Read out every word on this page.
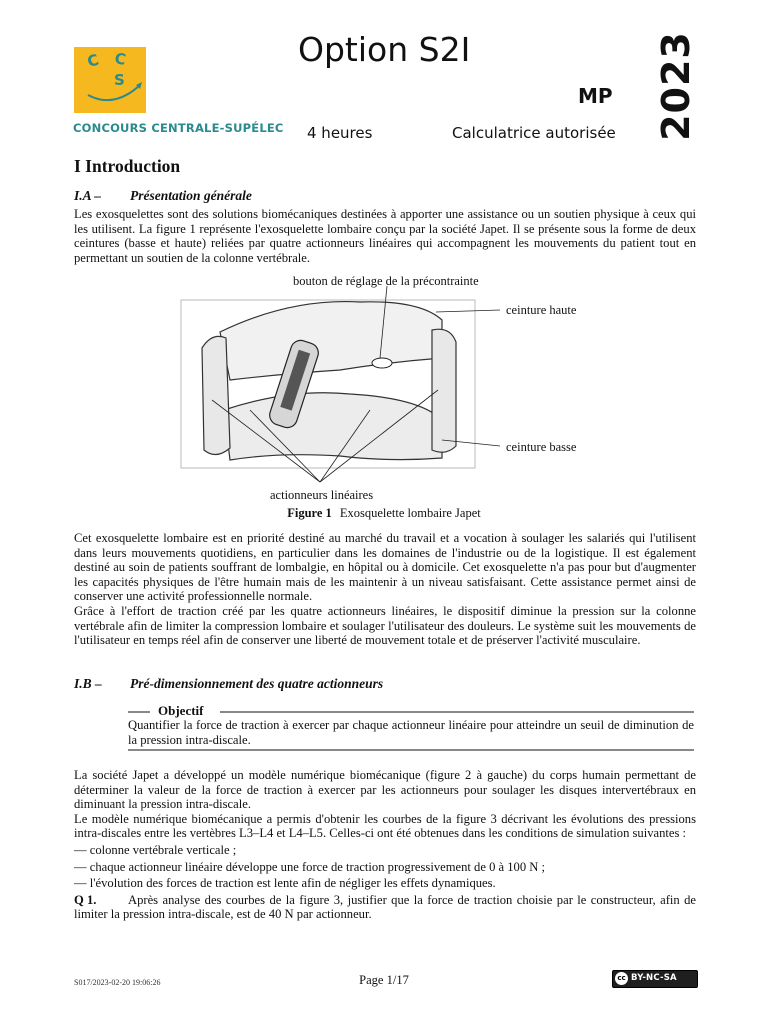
C C
S
CONCOURS CENTRALE-SUPÉLEC
Option S2I
MP 2023
4 heures	Calculatrice autorisée
I Introduction
I.A – Présentation générale

Les exosquelettes sont des solutions biomécaniques destinées à apporter une assistance ou un soutien physique à ceux qui les utilisent. La figure 1 représente l'exosquelette lombaire conçu par la société Japet. Il se présente sous la forme de deux ceintures (basse et haute) reliées par quatre actionneurs linéaires qui accompagnent les mouvements du patient tout en permettant un soutien de la colonne vertébrale.

bouton de réglage de la précontrainte
ceinture haute
ceinture basse
actionneurs linéaires
Figure 1 Exosquelette lombaire Japet

Cet exosquelette lombaire est en priorité destiné au marché du travail et a vocation à soulager les salariés qui l'utilisent dans leurs mouvements quotidiens, en particulier dans les domaines de l'industrie ou de la logistique. Il est également destiné au soin de patients souffrant de lombalgie, en hôpital ou à domicile. Cet exosquelette n'a pas pour but d'augmenter les capacités physiques de l'être humain mais de les maintenir à un niveau satisfaisant. Cette assistance permet ainsi de conserver une activité professionnelle normale.

Grâce à l'effort de traction créé par les quatre actionneurs linéaires, le dispositif diminue la pression sur la colonne vertébrale afin de limiter la compression lombaire et soulager l'utilisateur des douleurs. Le système suit les mouvements de l'utilisateur en temps réel afin de conserver une liberté de mouvement totale et de préserver l'activité musculaire.

I.B – Pré-dimensionnement des quatre actionneurs
Objectif

Quantifier la force de traction à exercer par chaque actionneur linéaire pour atteindre un seuil de diminution de la pression intra-discale.

La société Japet a développé un modèle numérique biomécanique (figure 2 à gauche) du corps humain permettant de déterminer la valeur de la force de traction à exercer par les actionneurs pour soulager les disques intervertébraux en diminuant la pression intra-discale.

Le modèle numérique biomécanique a permis d'obtenir les courbes de la figure 3 décrivant les évolutions des pressions intra-discales entre les vertèbres L3–L4 et L4–L5. Celles-ci ont été obtenues dans les conditions de simulation suivantes :

— colonne vertébrale verticale ;

— chaque actionneur linéaire développe une force de traction progressivement de 0 à 100 N ;

— l'évolution des forces de traction est lente afin de négliger les effets dynamiques.

Q 1.	Après analyse des courbes de la figure 3, justifier que la force de traction choisie par le constructeur, afin de limiter la pression intra-discale, est de 40 N par actionneur.

S017/2023-02-20 19:06:26	Page 1/17	cc BY-NC-SA
